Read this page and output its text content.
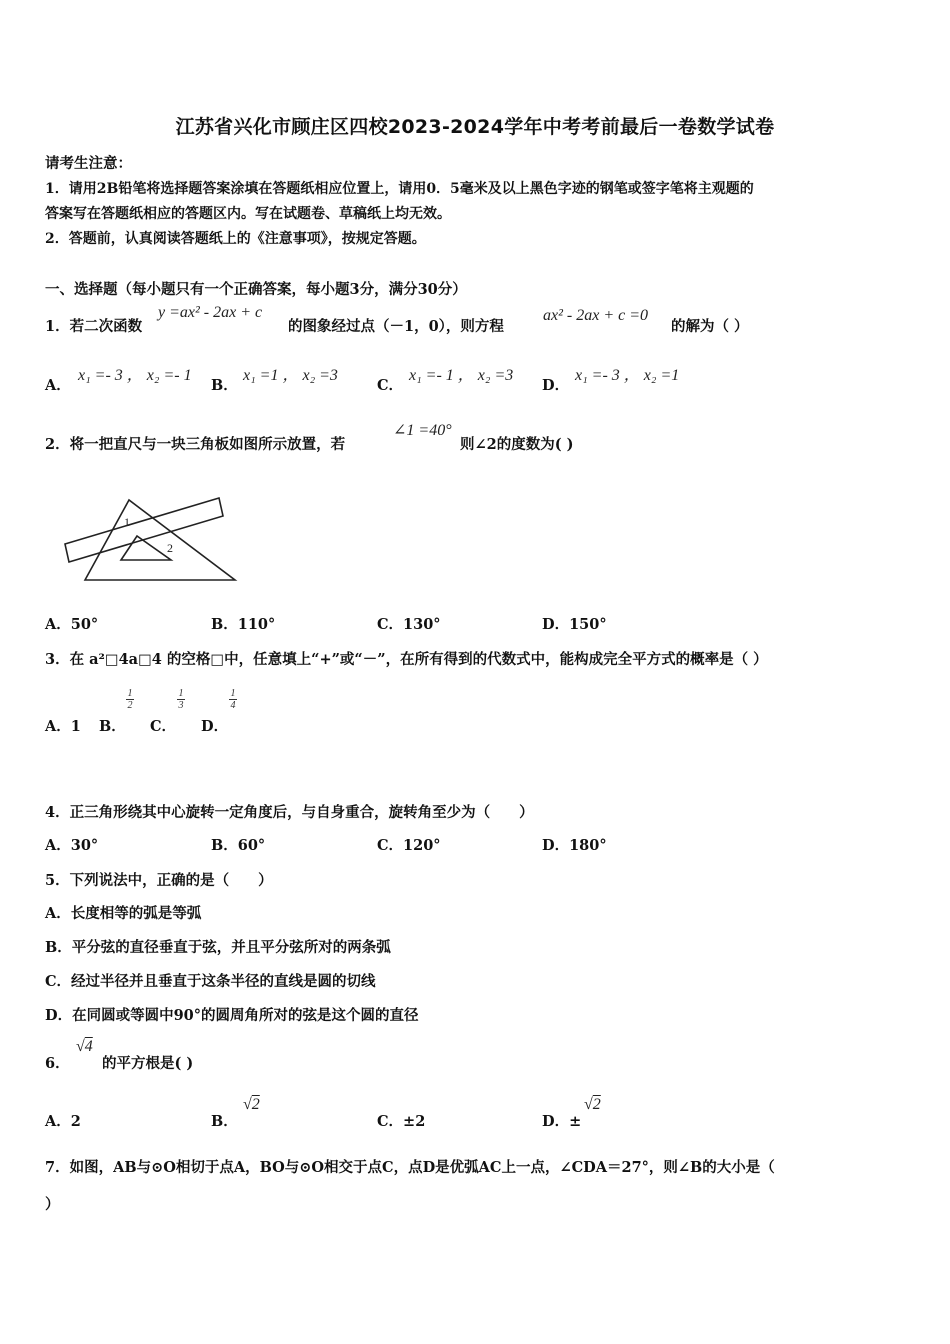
江苏省兴化市顾庄区四校2023-2024学年中考考前最后一卷数学试卷
请考生注意：
1．请用2B铅笔将选择题答案涂填在答题纸相应位置上，请用0．5毫米及以上黑色字迹的钢笔或签字笔将主观题的
答案写在答题纸相应的答题区内。写在试题卷、草稿纸上均无效。
2．答题前，认真阅读答题纸上的《注意事项》，按规定答题。
一、选择题（每小题只有一个正确答案，每小题3分，满分30分）
1．若二次函数
y =ax² - 2ax + c
的图象经过点（－1，0），则方程
ax² - 2ax + c =0
的解为（ ）
A．
x₁ =- 3 ， x₂ =- 1
B．
x₁ =1 ， x₂ =3
C．
x₁ =- 1 ， x₂ =3
D．
x₁ =- 3 ， x₂ =1
2．将一把直尺与一块三角板如图所示放置，若
∠1 =40°
则∠2的度数为( )
1
2
A．50°	B．110°	C．130°	D．150°
3．在 a²□4a□4 的空格□中，任意填上“+”或“－”，在所有得到的代数式中，能构成完全平方式的概率是（ ）
A．1 B．
1
2
C．
1
3
D．
1
4
4．正三角形绕其中心旋转一定角度后，与自身重合，旋转角至少为（　　）
A．30°	B．60°	C．120°	D．180°
5．下列说法中，正确的是（　　）
A．长度相等的弧是等弧
B．平分弦的直径垂直于弦，并且平分弦所对的两条弧
C．经过半径并且垂直于这条半径的直线是圆的切线
D．在同圆或等圆中90°的圆周角所对的弦是这个圆的直径
6．
√4
的平方根是( )
A．2	B．
√2
C．±2	D．±
√2
7．如图，AB与⊙O相切于点A，BO与⊙O相交于点C，点D是优弧AC上一点，∠CDA＝27°，则∠B的大小是（
）
